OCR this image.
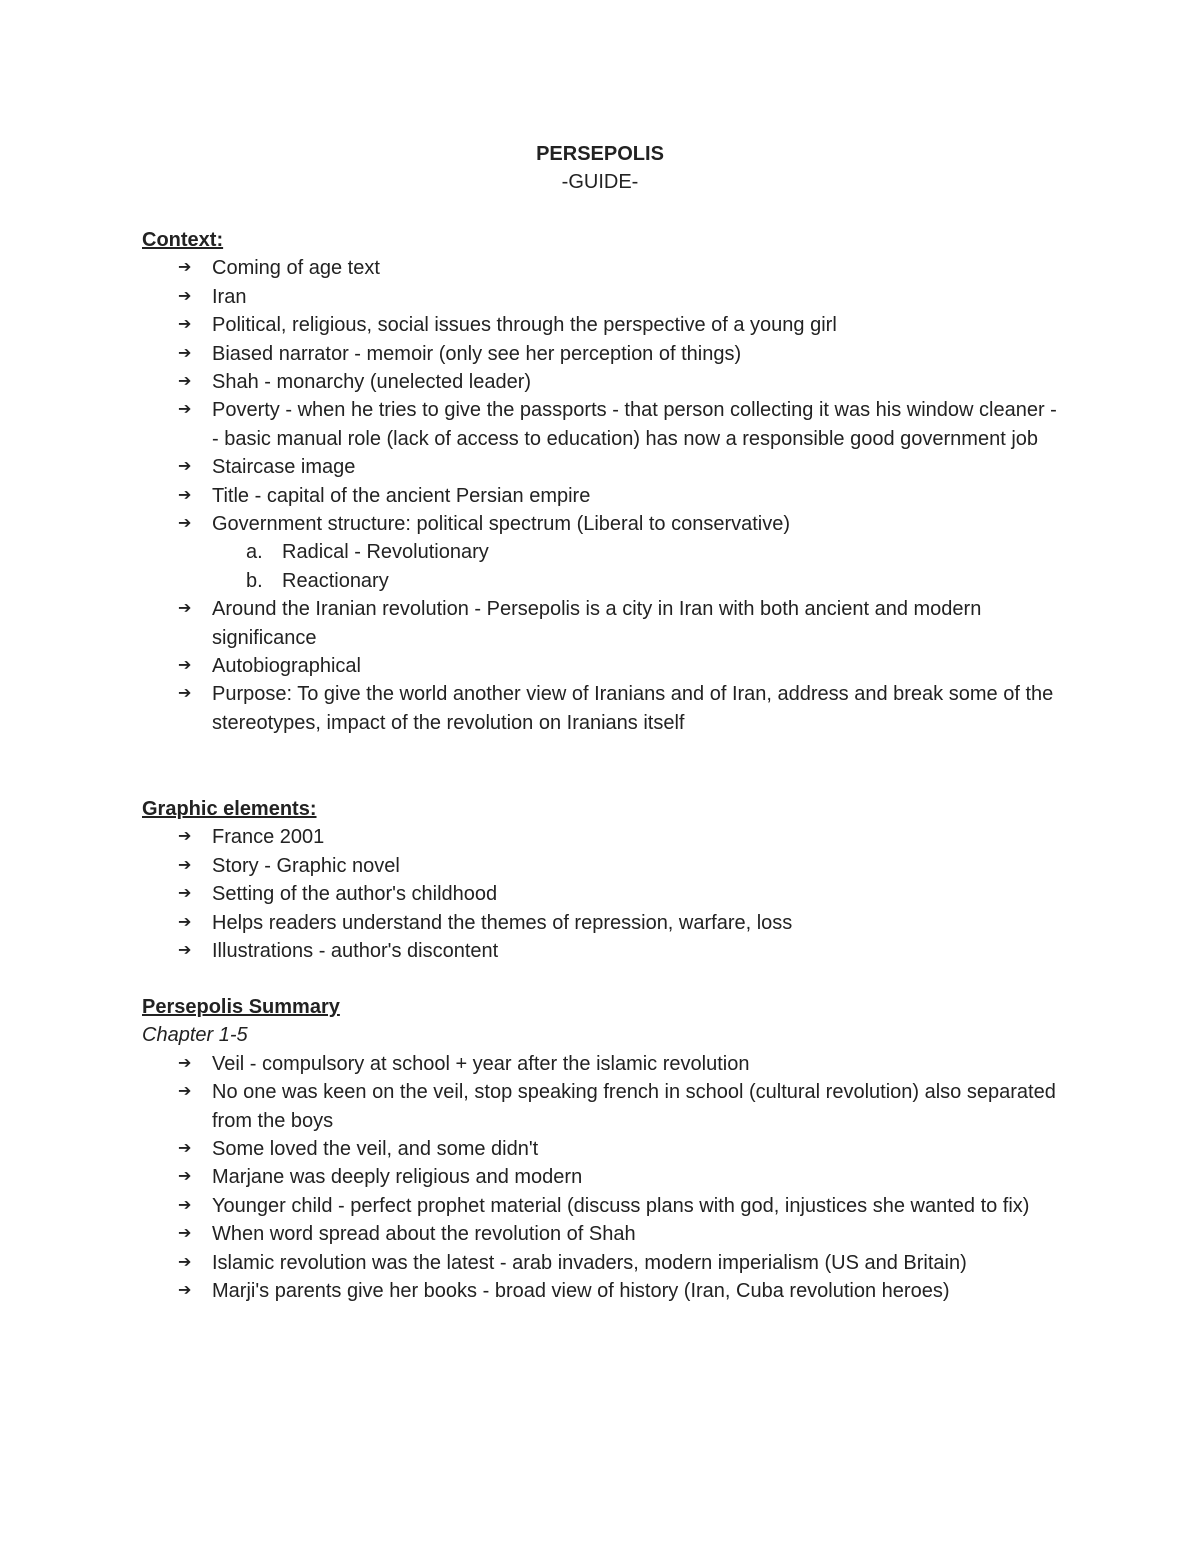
PERSEPOLIS
-GUIDE-
Context:
➔ Coming of age text
➔ Iran
➔ Political, religious, social issues through the perspective of a young girl
➔ Biased narrator - memoir (only see her perception of things)
➔ Shah - monarchy (unelected leader)
➔ Poverty - when he tries to give the passports - that person collecting it was his window cleaner -- basic manual role (lack of access to education) has now a responsible good government job
➔ Staircase image
➔ Title - capital of the ancient Persian empire
➔ Government structure: political spectrum (Liberal to conservative)
a. Radical - Revolutionary
b. Reactionary
➔ Around the Iranian revolution - Persepolis is a city in Iran with both ancient and modern significance
➔ Autobiographical
➔ Purpose: To give the world another view of Iranians and of Iran, address and break some of the stereotypes, impact of the revolution on Iranians itself
Graphic elements:
➔ France 2001
➔ Story - Graphic novel
➔ Setting of the author's childhood
➔ Helps readers understand the themes of repression, warfare, loss
➔ Illustrations - author's discontent
Persepolis Summary
Chapter 1-5
➔ Veil - compulsory at school + year after the islamic revolution
➔ No one was keen on the veil, stop speaking french in school (cultural revolution) also separated from the boys
➔ Some loved the veil, and some didn't
➔ Marjane was deeply religious and modern
➔ Younger child - perfect prophet material (discuss plans with god, injustices she wanted to fix)
➔ When word spread about the revolution of Shah
➔ Islamic revolution was the latest - arab invaders, modern imperialism (US and Britain)
➔ Marji's parents give her books - broad view of history (Iran, Cuba revolution heroes)
